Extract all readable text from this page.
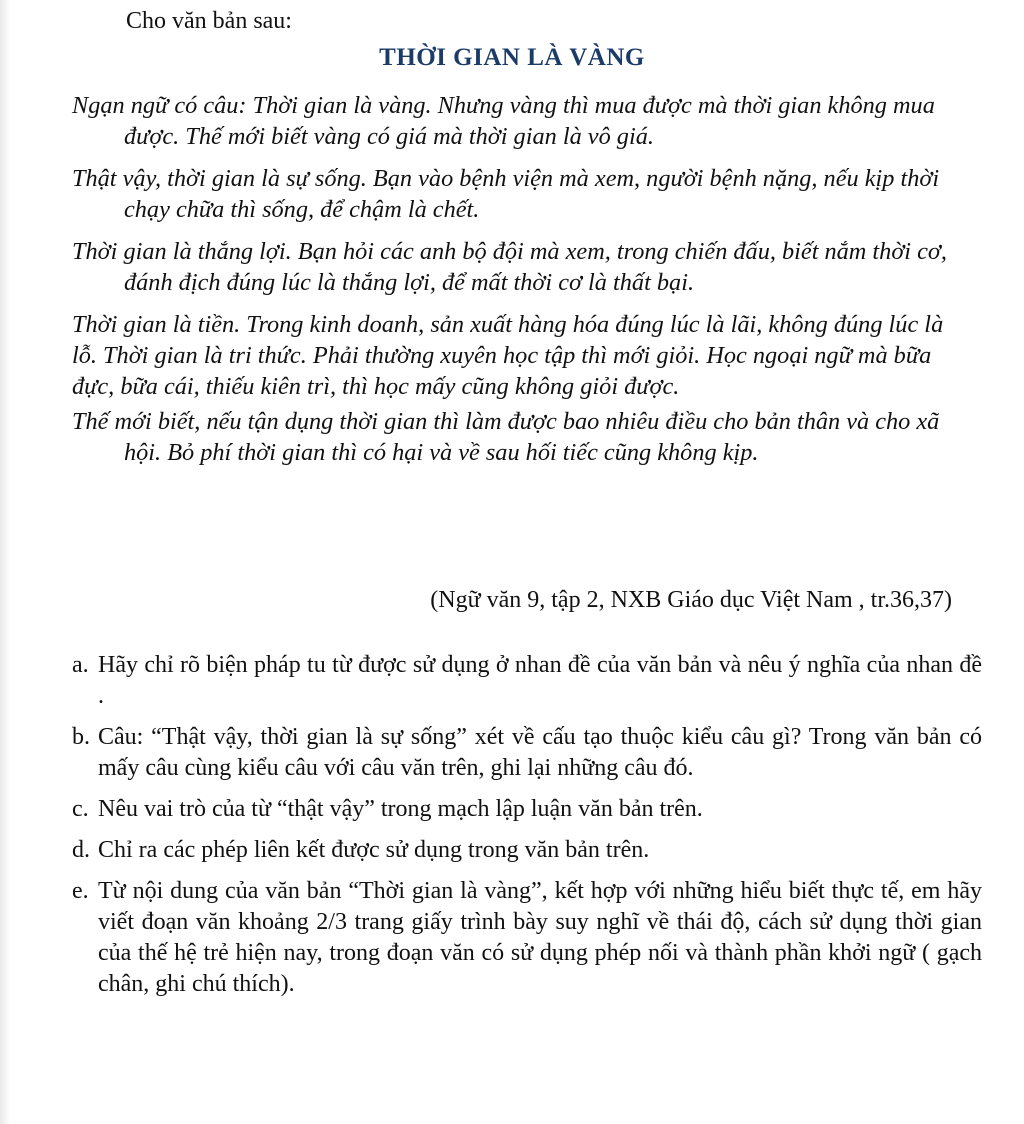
Cho văn bản sau:

THỜI GIAN LÀ VÀNG

Ngạn ngữ có câu: Thời gian là vàng. Nhưng vàng thì mua được mà thời gian không mua được. Thế mới biết vàng có giá mà thời gian là vô giá.

Thật vậy, thời gian là sự sống. Bạn vào bệnh viện mà xem, người bệnh nặng, nếu kịp thời chạy chữa thì sống, để chậm là chết.

Thời gian là thắng lợi. Bạn hỏi các anh bộ đội mà xem, trong chiến đấu, biết nắm thời cơ, đánh địch đúng lúc là thắng lợi, để mất thời cơ là thất bại.

Thời gian là tiền. Trong kinh doanh, sản xuất hàng hóa đúng lúc là lãi, không đúng lúc là lỗ. Thời gian là tri thức. Phải thường xuyên học tập thì mới giỏi. Học ngoại ngữ mà bữa đực, bữa cái, thiếu kiên trì, thì học mấy cũng không giỏi được.

Thế mới biết, nếu tận dụng thời gian thì làm được bao nhiêu điều cho bản thân và cho xã hội. Bỏ phí thời gian thì có hại và về sau hối tiếc cũng không kịp.

(Ngữ văn 9, tập 2, NXB Giáo dục Việt Nam , tr.36,37)

a. Hãy chỉ rõ biện pháp tu từ được sử dụng ở nhan đề của văn bản và nêu ý nghĩa của nhan đề .
b. Câu: “Thật vậy, thời gian là sự sống” xét về cấu tạo thuộc kiểu câu gì? Trong văn bản có mấy câu cùng kiểu câu với câu văn trên, ghi lại những câu đó.
c. Nêu vai trò của từ “thật vậy” trong mạch lập luận văn bản trên.
d. Chỉ ra các phép liên kết được sử dụng trong văn bản trên.
e. Từ nội dung của văn bản “Thời gian là vàng”, kết hợp với những hiểu biết thực tế, em hãy viết đoạn văn khoảng 2/3 trang giấy trình bày suy nghĩ về thái độ, cách sử dụng thời gian của thế hệ trẻ hiện nay, trong đoạn văn có sử dụng phép nối và thành phần khởi ngữ ( gạch chân, ghi chú thích).
